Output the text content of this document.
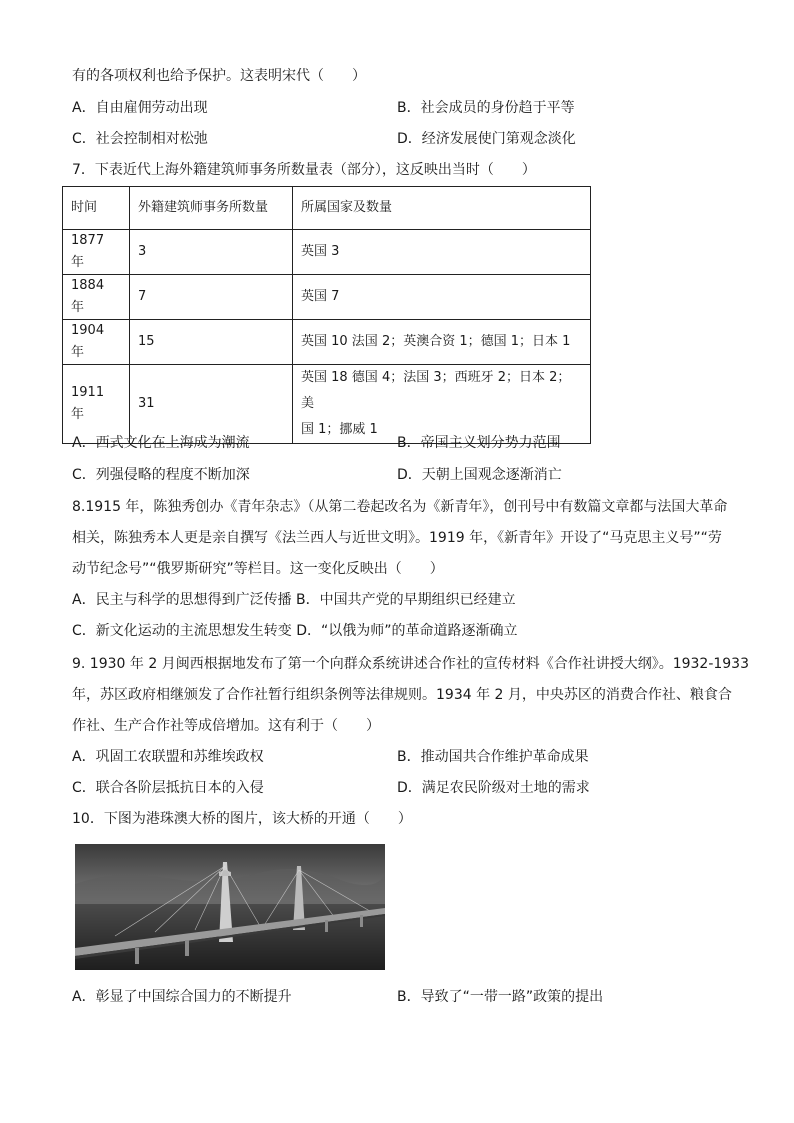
有的各项权利也给予保护。这表明宋代（　　）
A．自由雇佣劳动出现	B．社会成员的身份趋于平等
C．社会控制相对松弛	D．经济发展使门第观念淡化
7．下表近代上海外籍建筑师事务所数量表（部分），这反映出当时（　　）
时间	外籍建筑师事务所数量	所属国家及数量
1877 年	3	英国 3
1884 年	7	英国 7
1904 年	15	英国 10 法国 2；英澳合资 1；德国 1；日本 1
1911 年	31	英国 18 德国 4；法国 3；西班牙 2；日本 2；美
国 1；挪威 1
A．西式文化在上海成为潮流	B．帝国主义划分势力范围
C．列强侵略的程度不断加深	D．天朝上国观念逐渐消亡
8.1915 年，陈独秀创办《青年杂志》（从第二卷起改名为《新青年》，创刊号中有数篇文章都与法国大革命
相关，陈独秀本人更是亲自撰写《法兰西人与近世文明》。1919 年，《新青年》开设了“马克思主义号”“劳
动节纪念号”“俄罗斯研究”等栏目。这一变化反映出（　　）
A．民主与科学的思想得到广泛传播 B．中国共产党的早期组织已经建立
C．新文化运动的主流思想发生转变 D．“以俄为师”的革命道路逐渐确立
9. 1930 年 2 月闽西根据地发布了第一个向群众系统讲述合作社的宣传材料《合作社讲授大纲》。1932-1933
年，苏区政府相继颁发了合作社暂行组织条例等法律规则。1934 年 2 月，中央苏区的消费合作社、粮食合
作社、生产合作社等成倍增加。这有利于（　　）
A．巩固工农联盟和苏维埃政权	B．推动国共合作维护革命成果
C．联合各阶层抵抗日本的入侵	D．满足农民阶级对土地的需求
10．下图为港珠澳大桥的图片，该大桥的开通（　　）
A．彰显了中国综合国力的不断提升	B．导致了“一带一路”政策的提出
